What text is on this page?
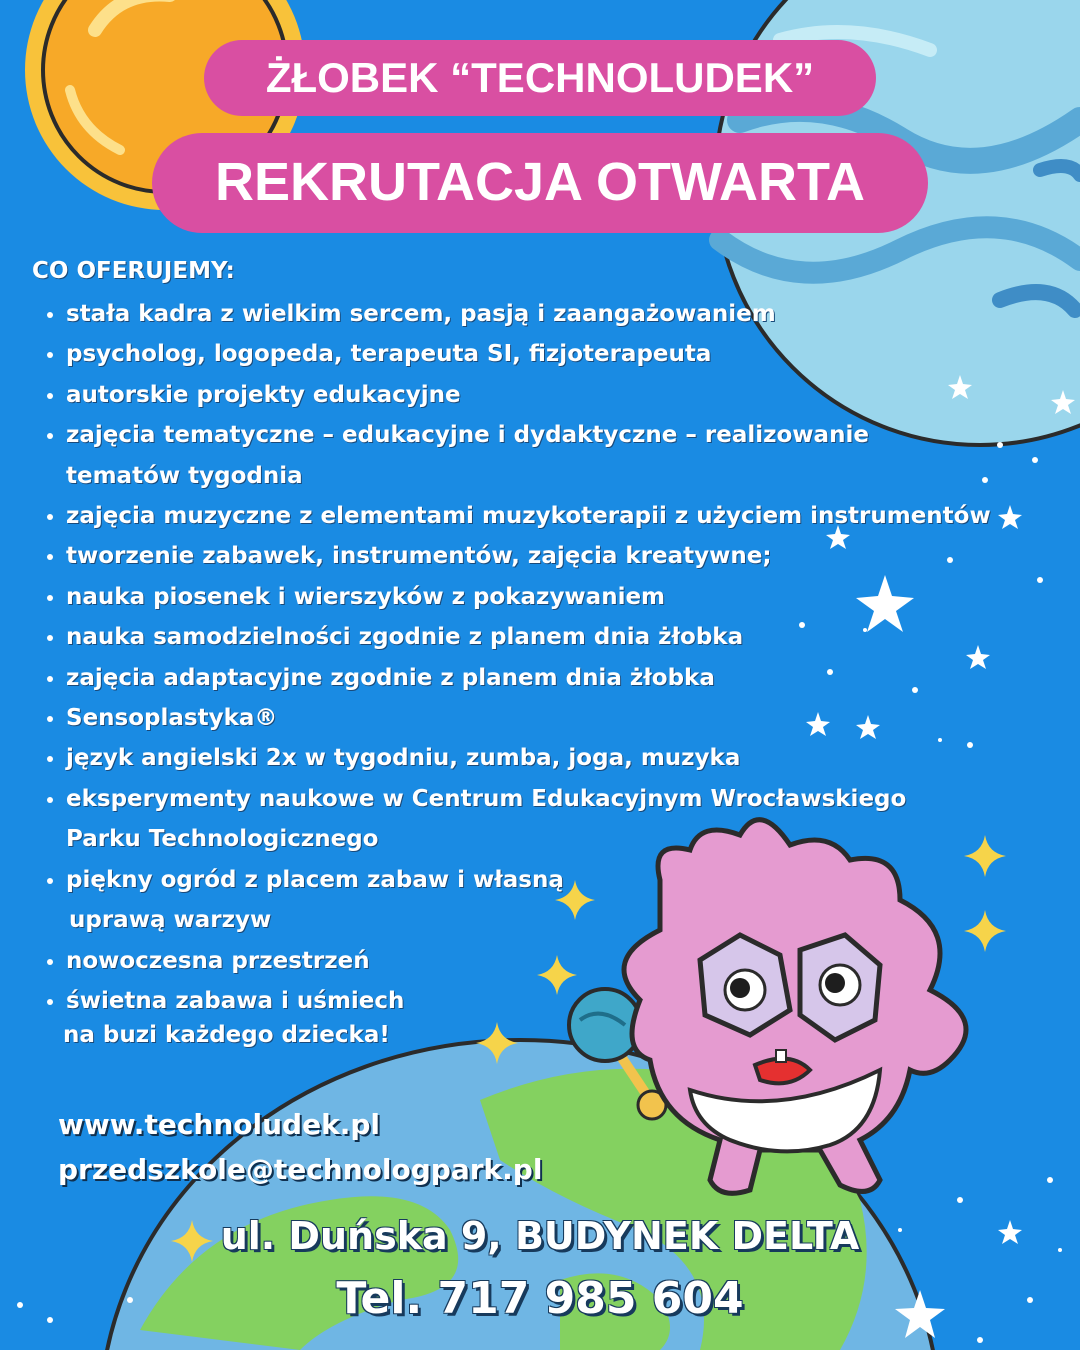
ŻŁOBEK “TECHNOLUDEK”
REKRUTACJA OTWARTA
CO OFERUJEMY:
• stała kadra z wielkim sercem, pasją i zaangażowaniem
• psycholog, logopeda, terapeuta SI, fizjoterapeuta
• autorskie projekty edukacyjne
• zajęcia tematyczne – edukacyjne i dydaktyczne – realizowanie tematów tygodnia
• zajęcia muzyczne z elementami muzykoterapii z użyciem instrumentów
• tworzenie zabawek, instrumentów, zajęcia kreatywne;
• nauka piosenek i wierszyków z pokazywaniem
• nauka samodzielności zgodnie z planem dnia żłobka
• zajęcia adaptacyjne zgodnie z planem dnia żłobka
• Sensoplastyka®
• język angielski 2x w tygodniu, zumba, joga, muzyka
• eksperymenty naukowe w Centrum Edukacyjnym Wrocławskiego Parku Technologicznego
• piękny ogród z placem zabaw i własną
uprawą warzyw
• nowoczesna przestrzeń
• świetna zabawa i uśmiech
na buzi każdego dziecka!
www.technoludek.pl
przedszkole@technologpark.pl
ul. Duńska 9, BUDYNEK DELTA
Tel. 717 985 604
